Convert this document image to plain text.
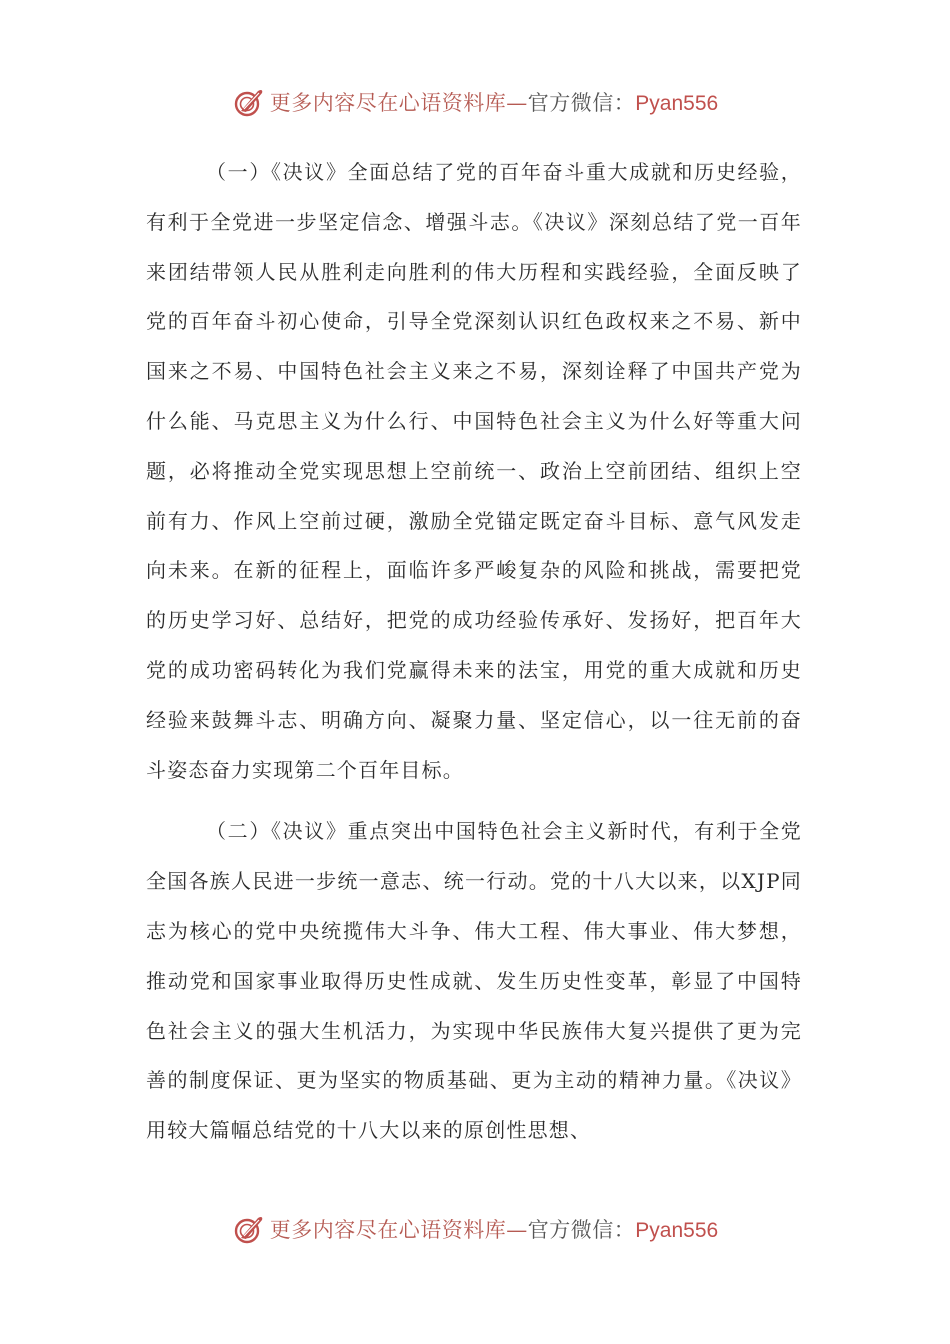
更多内容尽在心语资料库—官方微信：Pyan556

（一）《决议》全面总结了党的百年奋斗重大成就和历史经验，有利于全党进一步坚定信念、增强斗志。《决议》深刻总结了党一百年来团结带领人民从胜利走向胜利的伟大历程和实践经验，全面反映了党的百年奋斗初心使命，引导全党深刻认识红色政权来之不易、新中国来之不易、中国特色社会主义来之不易，深刻诠释了中国共产党为什么能、马克思主义为什么行、中国特色社会主义为什么好等重大问题，必将推动全党实现思想上空前统一、政治上空前团结、组织上空前有力、作风上空前过硬，激励全党锚定既定奋斗目标、意气风发走向未来。在新的征程上，面临许多严峻复杂的风险和挑战，需要把党的历史学习好、总结好，把党的成功经验传承好、发扬好，把百年大党的成功密码转化为我们党赢得未来的法宝，用党的重大成就和历史经验来鼓舞斗志、明确方向、凝聚力量、坚定信心，以一往无前的奋斗姿态奋力实现第二个百年目标。

（二）《决议》重点突出中国特色社会主义新时代，有利于全党全国各族人民进一步统一意志、统一行动。党的十八大以来，以XJP同志为核心的党中央统揽伟大斗争、伟大工程、伟大事业、伟大梦想，推动党和国家事业取得历史性成就、发生历史性变革，彰显了中国特色社会主义的强大生机活力，为实现中华民族伟大复兴提供了更为完善的制度保证、更为坚实的物质基础、更为主动的精神力量。《决议》用较大篇幅总结党的十八大以来的原创性思想、

更多内容尽在心语资料库—官方微信：Pyan556
